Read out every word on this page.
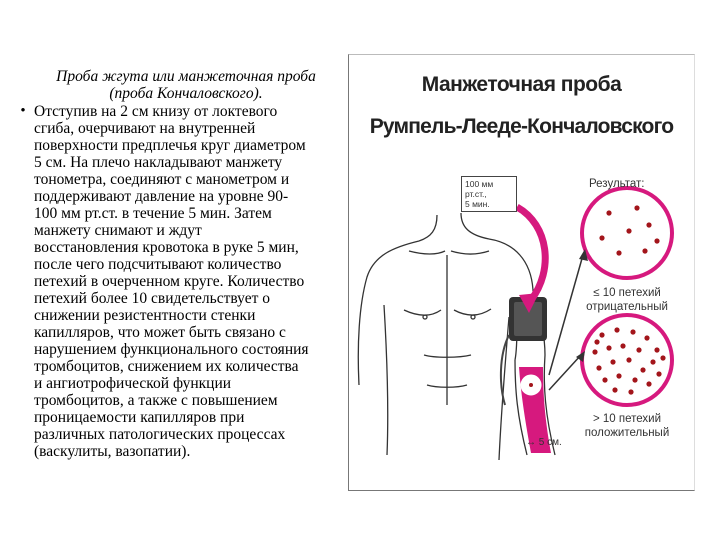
Проба жгута или манжеточная проба
(проба Кончаловского).
• Отступив на 2 см книзу от локтевого
сгиба, очерчивают на внутренней
поверхности предплечья круг диаметром
5 см. На плечо накладывают манжету
тонометра, соединяют с манометром и
поддерживают давление на уровне 90-
100 мм рт.ст. в течение 5 мин. Затем
манжету снимают и ждут
восстановления кровотока в руке 5 мин,
после чего подсчитывают количество
петехий в очерченном круге. Количество
петехий более 10 свидетельствует о
снижении резистентности стенки
капилляров, что может быть связано с
нарушением функционального состояния
тромбоцитов, снижением их количества
и ангиотрофической функции
тромбоцитов, а также с повышением
проницаемости капилляров при
различных патологических процессах
(васкулиты, вазопатии).
Манжеточная проба
Румпель-Лееде-Кончаловского
100 мм рт.ст.,
5 мин.
Результат:
≤ 10 петехий
отрицательный
> 10 петехий
положительный
↔ 5 см.
